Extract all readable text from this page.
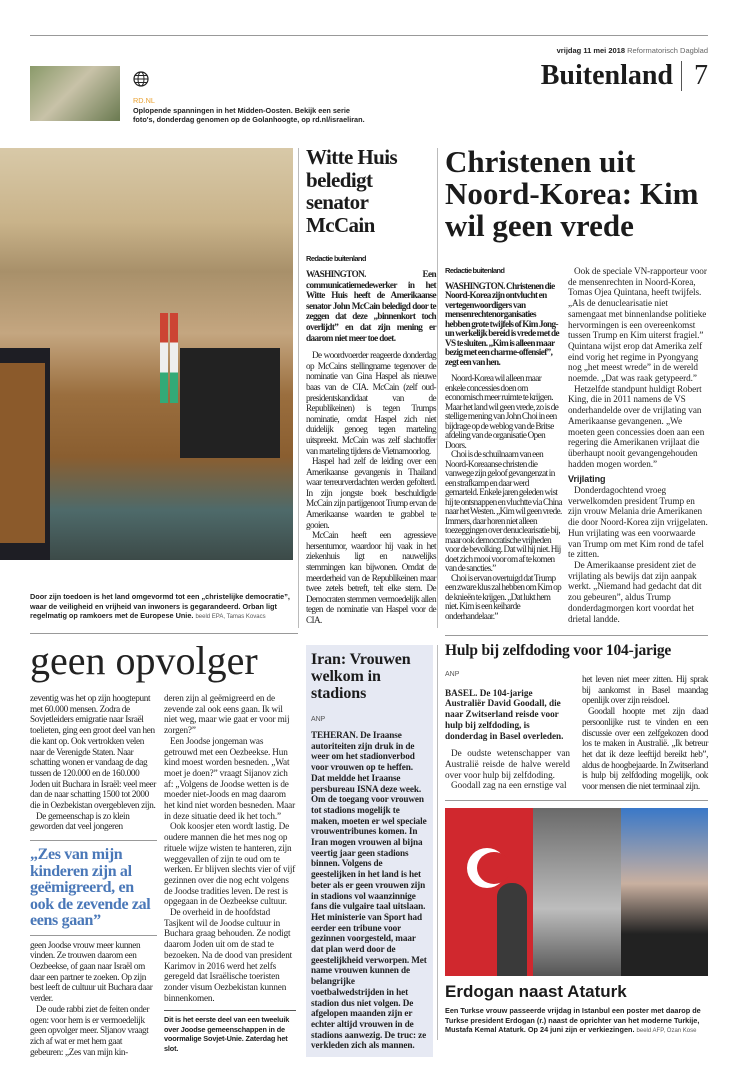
vrijdag 11 mei 2018 Reformatorisch Dagblad
Buitenland 7
RD.NL
Oplopende spanningen in het Midden-Oosten. Bekijk een serie foto's, donderdag genomen op de Golanhoogte, op rd.nl/israeliran.
Door zijn toedoen is het land omgevormd tot een „christelijke democratie”, waar de veiligheid en vrijheid van inwoners is gegarandeerd. Orban ligt regelmatig op ramkoers met de Europese Unie. beeld EPA, Tamas Kovacs
Witte Huis beledigt senator McCain
Redactie buitenland
WASHINGTON. Een communicatiemedewerker in het Witte Huis heeft de Amerikaanse senator John McCain beledigd door te zeggen dat deze „binnenkort toch overlijdt” en dat zijn mening er daarom niet meer toe doet.

De woordvoerder reageerde donderdag op McCains stellingname tegenover de nominatie van Gina Haspel als nieuwe baas van de CIA. McCain (zelf oud-presidentskandidaat van de Republikeinen) is tegen Trumps nominatie, omdat Haspel zich niet duidelijk genoeg tegen marteling uitspreekt. McCain was zelf slachtoffer van marteling tijdens de Vietnamoorlog.

Haspel had zelf de leiding over een Amerikaanse gevangenis in Thailand waar terreurverdachten werden gefolterd. In zijn jongste boek beschuldigde McCain zijn partijgenoot Trump ervan de Amerikaanse waarden te grabbel te gooien.

McCain heeft een agressieve hersentumor, waardoor hij vaak in het ziekenhuis ligt en nauwelijks stemmingen kan bijwonen. Omdat de meerderheid van de Republikeinen maar twee zetels betreft, telt elke stem. De Democraten stemmen vermoedelijk allen tegen de nominatie van Haspel voor de CIA.

Christenen uit Noord-Korea: Kim wil geen vrede
Redactie buitenland
WASHINGTON. Christenen die Noord-Korea zijn ontvlucht en vertegenwoordigers van mensenrechtenorganisaties hebben grote twijfels of Kim Jong-un werkelijk bereid is vrede met de VS te sluiten. „Kim is alleen maar bezig met een charme-offensief”, zegt een van hen.

Noord-Korea wil alleen maar enkele concessies doen om economisch meer ruimte te krijgen. Maar het land wil geen vrede, zo is de stellige mening van John Choi in een bijdrage op de weblog van de Britse afdeling van de organisatie Open Doors.

Choi is de schuilnaam van een Noord-Koreaanse christen die vanwege zijn geloof gevangenzat in een strafkamp en daar werd gemarteld. Enkele jaren geleden wist hij te ontsnappen en vluchtte via China naar het Westen. „Kim wil geen vrede. Immers, daar horen niet alleen toezeggingen over denuclearisatie bij, maar ook democratische vrijheden voor de bevolking. Dat wil hij niet. Hij doet zich mooi voor om af te komen van de sancties.”

Choi is ervan overtuigd dat Trump een zware klus zal hebben om Kim op de knieën te krijgen. „Dat lukt hem niet. Kim is een keiharde onderhandelaar.”

Ook de speciale VN-rapporteur voor de mensenrechten in Noord-Korea, Tomas Ojea Quintana, heeft twijfels. „Als de denuclearisatie niet samengaat met binnenlandse politieke hervormingen is een overeenkomst tussen Trump en Kim uiterst fragiel.” Quintana wijst erop dat Amerika zelf eind vorig het regime in Pyongyang nog „het meest wrede” in de wereld noemde. „Dat was raak getypeerd.”

Hetzelfde standpunt huldigt Robert King, die in 2011 namens de VS onderhandelde over de vrijlating van Amerikaanse gevangenen. „We moeten geen concessies doen aan een regering die Amerikanen vrijlaat die überhaupt nooit gevangengehouden hadden mogen worden.”

Vrijlating

Donderdagochtend vroeg verwelkomden president Trump en zijn vrouw Melania drie Amerikanen die door Noord-Korea zijn vrijgelaten. Hun vrijlating was een voorwaarde van Trump om met Kim rond de tafel te zitten.

De Amerikaanse president ziet de vrijlating als bewijs dat zijn aanpak werkt. „Niemand had gedacht dat dit zou gebeuren”, aldus Trump donderdagmorgen kort voordat het drietal landde.

geen opvolger

zeventig was het op zijn hoogtepunt met 60.000 mensen. Zodra de Sovjetleiders emigratie naar Israël toelieten, ging een groot deel van hen die kant op. Ook vertrokken velen naar de Verenigde Staten. Naar schatting wonen er vandaag de dag tussen de 120.000 en de 160.000 Joden uit Buchara in Israël: veel meer dan de naar schatting 1500 tot 2000 die in Oezbekistan overgebleven zijn.

De gemeenschap is zo klein geworden dat veel jongeren

„Zes van mijn kinderen zijn al geëmigreerd, en ook de zevende zal eens gaan”

geen Joodse vrouw meer kunnen vinden. Ze trouwen daarom een Oezbeekse, of gaan naar Israël om daar een partner te zoeken. Op zijn best leeft de cultuur uit Buchara daar verder.

De oude rabbi ziet de feiten onder ogen: voor hem is er vermoedelijk geen opvolger meer. Sljanov vraagt zich af wat er met hem gaat gebeuren: „Zes van mijn kin-

deren zijn al geëmigreerd en de zevende zal ook eens gaan. Ik wil niet weg, maar wie gaat er voor mij zorgen?”

Een Joodse jongeman was getrouwd met een Oezbeekse. Hun kind moest worden besneden. „Wat moet je doen?” vraagt Sijanov zich af: „Volgens de Joodse wetten is de moeder niet-Joods en mag daarom het kind niet worden besneden. Maar in deze situatie deed ik het toch.”

Ook koosjer eten wordt lastig. De oudere mannen die het mes nog op rituele wijze wisten te hanteren, zijn weggevallen of zijn te oud om te werken. Er blijven slechts vier of vijf gezinnen over die nog echt volgens de Joodse tradities leven. De rest is opgegaan in de Oezbeekse cultuur.

De overheid in de hoofdstad Tasjkent wil de Joodse cultuur in Buchara graag behouden. Ze nodigt daarom Joden uit om de stad te bezoeken. Na de dood van president Karimov in 2016 werd het zelfs geregeld dat Israëlische toeristen zonder visum Oezbekistan kunnen binnenkomen.

Dit is het eerste deel van een tweeluik over Joodse gemeenschappen in de voormalige Sovjet-Unie. Zaterdag het slot.
Iran: Vrouwen welkom in stadions
ANP
TEHERAN. De Iraanse autoriteiten zijn druk in de weer om het stadionverbod voor vrouwen op te heffen. Dat meldde het Iraanse persbureau ISNA deze week. Om de toegang voor vrouwen tot stadions mogelijk te maken, moeten er wel speciale vrouwentribunes komen. In Iran mogen vrouwen al bijna veertig jaar geen stadions binnen. Volgens de geestelijken in het land is het beter als er geen vrouwen zijn in stadions vol waanzinnige fans die vulgaire taal uitslaan. Het ministerie van Sport had eerder een tribune voor gezinnen voorgesteld, maar dat plan werd door de geestelijkheid verworpen. Met name vrouwen kunnen de belangrijke voetbalwedstrijden in het stadion dus niet volgen. De afgelopen maanden zijn er echter altijd vrouwen in de stadions aanwezig. De truc: ze verkleden zich als mannen.
Hulp bij zelfdoding voor 104-jarige
ANP
BASEL. De 104-jarige Australiër David Goodall, die naar Zwitserland reisde voor hulp bij zelfdoding, is donderdag in Basel overleden.

De oudste wetenschapper van Australië reisde de halve wereld over voor hulp bij zelfdoding.

Goodall zag na een ernstige val

het leven niet meer zitten. Hij sprak bij aankomst in Basel maandag openlijk over zijn reisdoel.

Goodall hoopte met zijn daad persoonlijke rust te vinden en een discussie over een zelfgekozen dood los te maken in Australië. „Ik betreur het dat ik deze leeftijd bereikt heb”, aldus de hoogbejaarde. In Zwitserland is hulp bij zelfdoding mogelijk, ook voor mensen die niet terminaal zijn.

Erdogan naast Ataturk
Een Turkse vrouw passeerde vrijdag in Istanbul een poster met daarop de Turkse president Erdogan (r.) naast de oprichter van het moderne Turkije, Mustafa Kemal Ataturk. Op 24 juni zijn er verkiezingen. beeld AFP, Ozan Kose
